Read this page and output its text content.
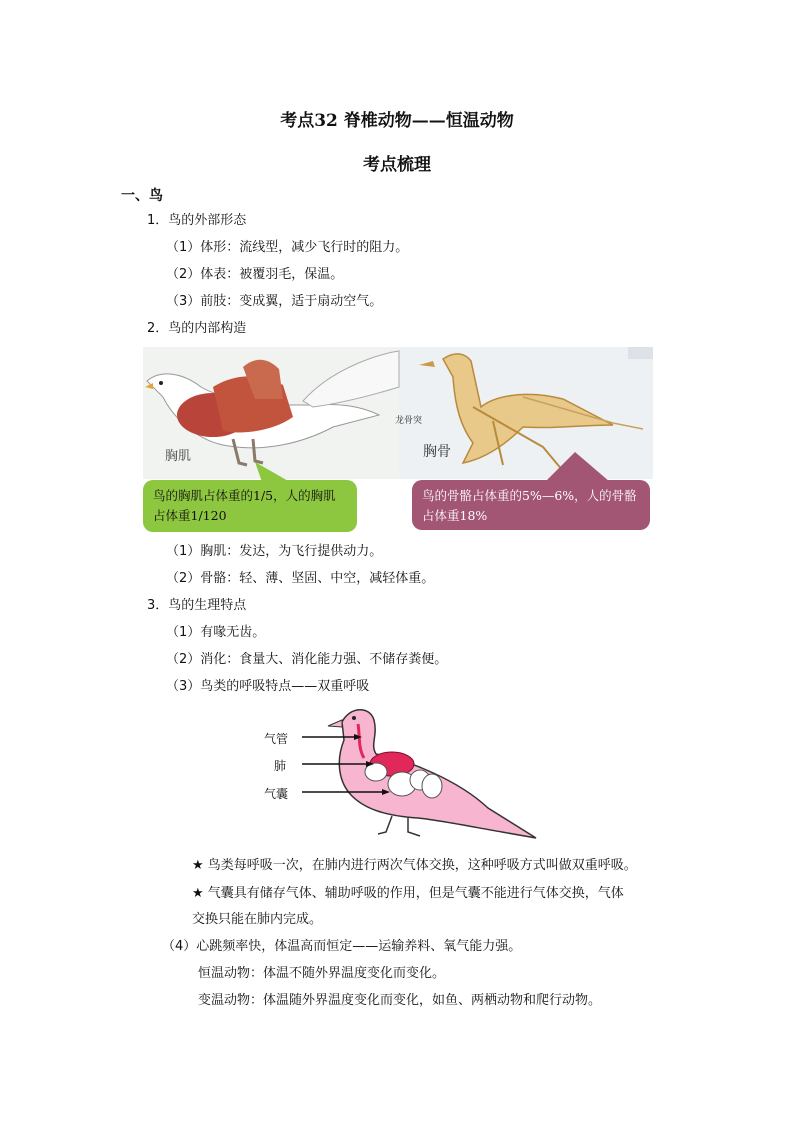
考点32 脊椎动物——恒温动物
考点梳理
一、鸟
1．鸟的外部形态
（1）体形：流线型，减少飞行时的阻力。
（2）体表：被覆羽毛，保温。
（3）前肢：变成翼，适于扇动空气。
2．鸟的内部构造
胸肌
龙骨突
胸骨
鸟的胸肌占体重的1/5，人的胸肌占体重1/120
鸟的骨骼占体重的5%—6%，人的骨骼占体重18%
（1）胸肌：发达，为飞行提供动力。
（2）骨骼：轻、薄、坚固、中空，减轻体重。
3．鸟的生理特点
（1）有喙无齿。
（2）消化：食量大、消化能力强、不储存粪便。
（3）鸟类的呼吸特点——双重呼吸
气管
肺
气囊
★ 鸟类每呼吸一次，在肺内进行两次气体交换，这种呼吸方式叫做双重呼吸。
★ 气囊具有储存气体、辅助呼吸的作用，但是气囊不能进行气体交换，气体
交换只能在肺内完成。
（4）心跳频率快，体温高而恒定——运输养料、氧气能力强。
恒温动物：体温不随外界温度变化而变化。
变温动物：体温随外界温度变化而变化，如鱼、两栖动物和爬行动物。
